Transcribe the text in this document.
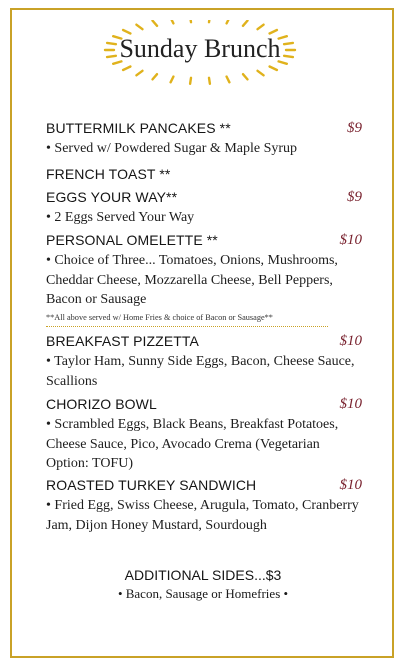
Sunday Brunch
BUTTERMILK PANCAKES **	$9
• Served w/ Powdered Sugar & Maple Syrup
FRENCH TOAST **
EGGS YOUR WAY**	$9
• 2 Eggs Served Your Way
PERSONAL OMELETTE **	$10
• Choice of Three... Tomatoes, Onions, Mushrooms, Cheddar Cheese, Mozzarella Cheese, Bell Peppers, Bacon or Sausage
**All above served w/ Home Fries & choice of Bacon or Sausage**
BREAKFAST PIZZETTA	$10
• Taylor Ham, Sunny Side Eggs, Bacon, Cheese Sauce, Scallions
CHORIZO BOWL	$10
• Scrambled Eggs, Black Beans, Breakfast Potatoes, Cheese Sauce, Pico, Avocado Crema (Vegetarian Option: TOFU)
ROASTED TURKEY SANDWICH	$10
• Fried Egg, Swiss Cheese, Arugula, Tomato, Cranberry Jam, Dijon Honey Mustard, Sourdough
ADDITIONAL SIDES...$3
• Bacon, Sausage or Homefries •
